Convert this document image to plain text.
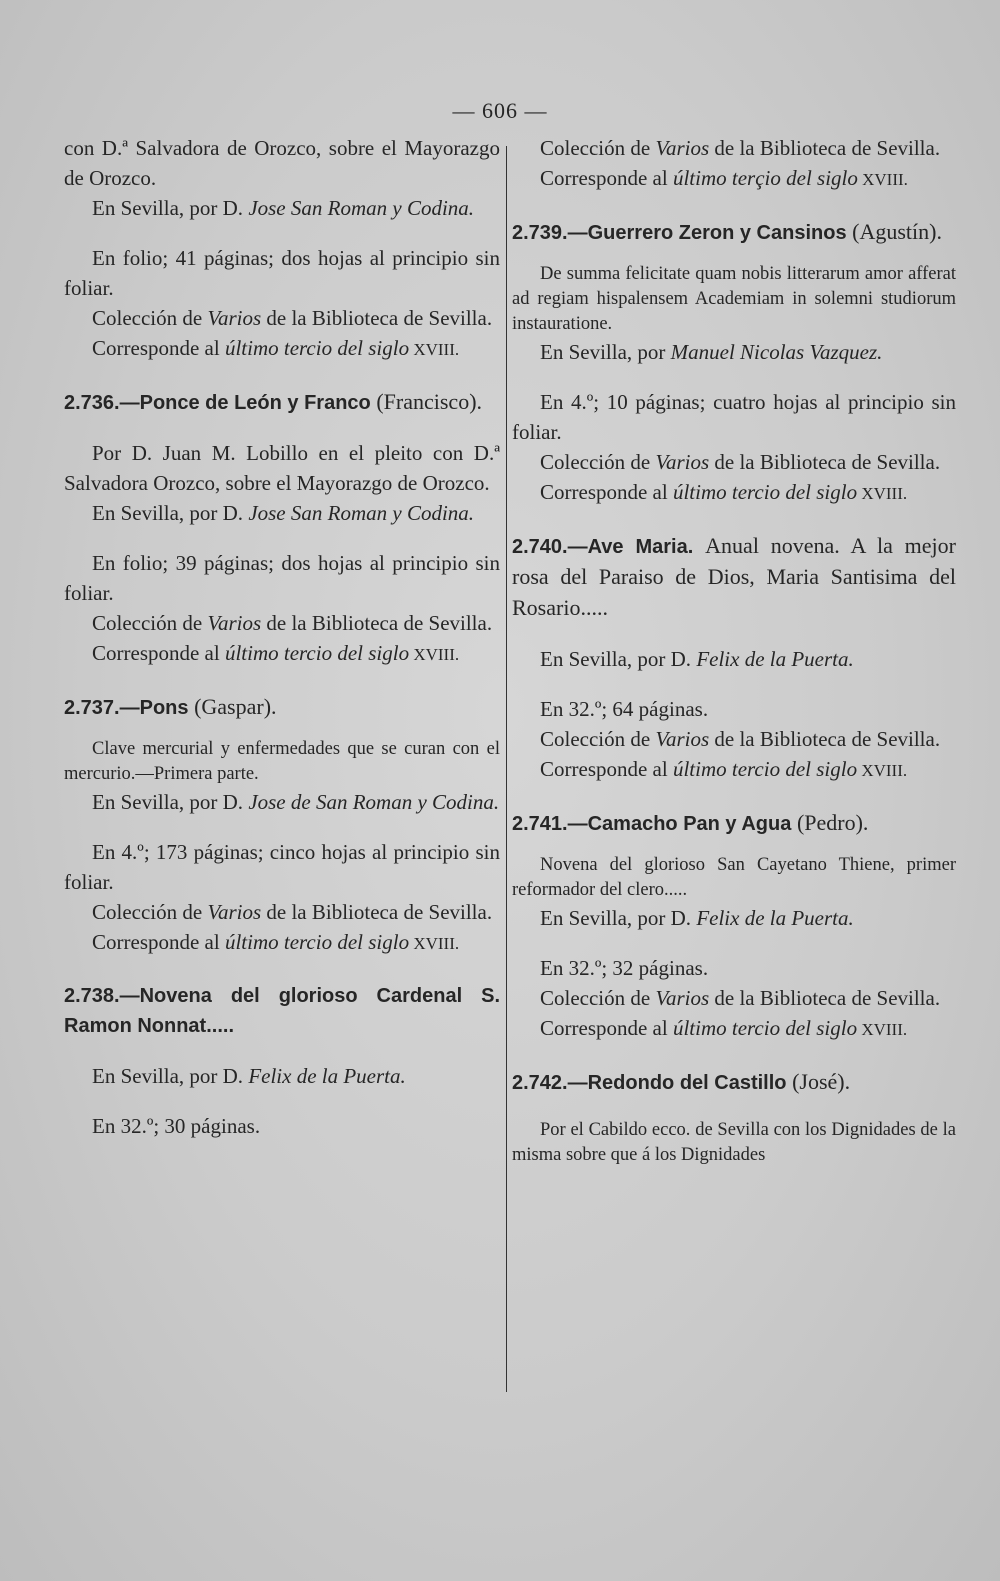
— 606 —

con D.ª Salvadora de Orozco, sobre el Mayorazgo de Orozco.

En Sevilla, por D. Jose San Roman y Codina.

En folio; 41 páginas; dos hojas al principio sin foliar.

Colección de Varios de la Biblioteca de Sevilla.

Corresponde al último tercio del siglo XVIII.

2.736.—Ponce de León y Franco (Francisco).

Por D. Juan M. Lobillo en el pleito con D.ª Salvadora Orozco, sobre el Mayorazgo de Orozco.

En Sevilla, por D. Jose San Roman y Codina.

En folio; 39 páginas; dos hojas al principio sin foliar.

Colección de Varios de la Biblioteca de Sevilla.

Corresponde al último tercio del siglo XVIII.

2.737.—Pons (Gaspar).

Clave mercurial y enfermedades que se curan con el mercurio.—Primera parte.

En Sevilla, por D. Jose de San Roman y Codina.

En 4.º; 173 páginas; cinco hojas al principio sin foliar.

Colección de Varios de la Biblioteca de Sevilla.

Corresponde al último tercio del siglo XVIII.

2.738.—Novena del glorioso Cardenal S. Ramon Nonnat.....

En Sevilla, por D. Felix de la Puerta.

En 32.º; 30 páginas.

Colección de Varios de la Biblioteca de Sevilla.

Corresponde al último terçio del siglo XVIII.

2.739.—Guerrero Zeron y Cansinos (Agustín).

De summa felicitate quam nobis litterarum amor afferat ad regiam hispalensem Academiam in solemni studiorum instauratione.

En Sevilla, por Manuel Nicolas Vazquez.

En 4.º; 10 páginas; cuatro hojas al principio sin foliar.

Colección de Varios de la Biblioteca de Sevilla.

Corresponde al último tercio del siglo XVIII.

2.740.—Ave Maria. Anual novena. A la mejor rosa del Paraiso de Dios, Maria Santisima del Rosario.....

En Sevilla, por D. Felix de la Puerta.

En 32.º; 64 páginas.

Colección de Varios de la Biblioteca de Sevilla.

Corresponde al último tercio del siglo XVIII.

2.741.—Camacho Pan y Agua (Pedro).

Novena del glorioso San Cayetano Thiene, primer reformador del clero.....

En Sevilla, por D. Felix de la Puerta.

En 32.º; 32 páginas.

Colección de Varios de la Biblioteca de Sevilla.

Corresponde al último tercio del siglo XVIII.

2.742.—Redondo del Castillo (José).

Por el Cabildo ecco. de Sevilla con los Dignidades de la misma sobre que á los Dignidades
